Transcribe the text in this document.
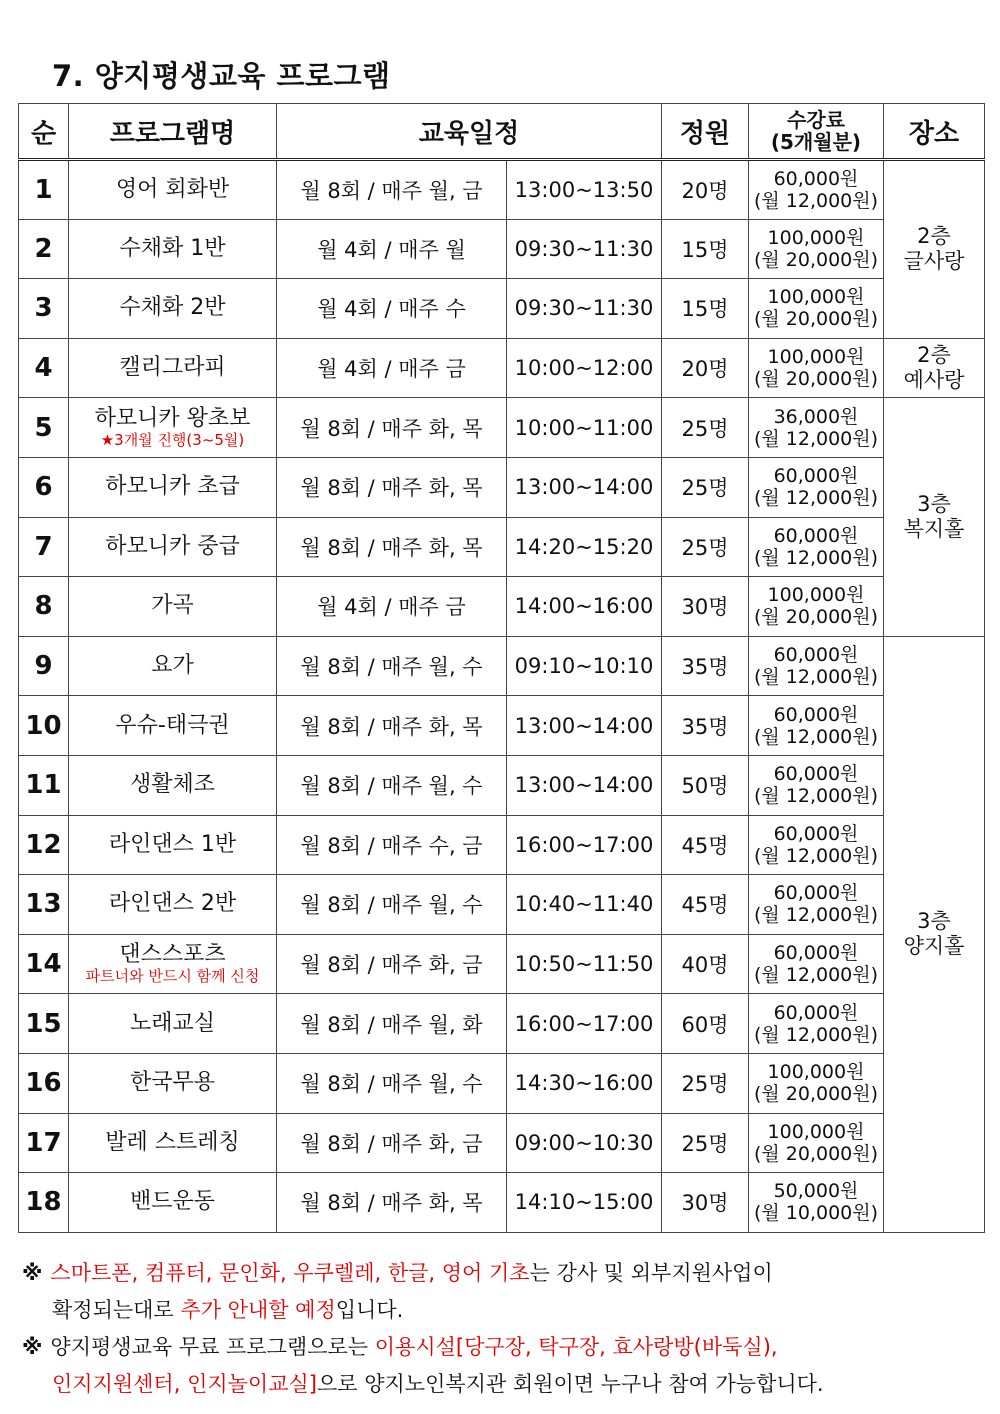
7. 양지평생교육 프로그램
순	프로그램명	교육일정		정원	수강료
(5개월분)	장소
1	영어 회화반	월 8회 / 매주 월, 금	13:00~13:50	20명	60,000원
(월 12,000원)	2층
글사랑
2	수채화 1반	월 4회 / 매주 월	09:30~11:30	15명	100,000원
(월 20,000원)	
3	수채화 2반	월 4회 / 매주 수	09:30~11:30	15명	100,000원
(월 20,000원)	
4	캘리그라피	월 4회 / 매주 금	10:00~12:00	20명	100,000원
(월 20,000원)	2층
예사랑
5	하모니카 왕초보
★3개월 진행(3~5월)	월 8회 / 매주 화, 목	10:00~11:00	25명	36,000원
(월 12,000원)	3층
복지홀
6	하모니카 초급	월 8회 / 매주 화, 목	13:00~14:00	25명	60,000원
(월 12,000원)	
7	하모니카 중급	월 8회 / 매주 화, 목	14:20~15:20	25명	60,000원
(월 12,000원)	
8	가곡	월 4회 / 매주 금	14:00~16:00	30명	100,000원
(월 20,000원)	
9	요가	월 8회 / 매주 월, 수	09:10~10:10	35명	60,000원
(월 12,000원)	3층
양지홀
10	우슈-태극권	월 8회 / 매주 화, 목	13:00~14:00	35명	60,000원
(월 12,000원)	
11	생활체조	월 8회 / 매주 월, 수	13:00~14:00	50명	60,000원
(월 12,000원)	
12	라인댄스 1반	월 8회 / 매주 수, 금	16:00~17:00	45명	60,000원
(월 12,000원)	
13	라인댄스 2반	월 8회 / 매주 월, 수	10:40~11:40	45명	60,000원
(월 12,000원)	
14	댄스스포츠
파트너와 반드시 함께 신청	월 8회 / 매주 화, 금	10:50~11:50	40명	60,000원
(월 12,000원)	
15	노래교실	월 8회 / 매주 월, 화	16:00~17:00	60명	60,000원
(월 12,000원)	
16	한국무용	월 8회 / 매주 월, 수	14:30~16:00	25명	100,000원
(월 20,000원)	
17	발레 스트레칭	월 8회 / 매주 화, 금	09:00~10:30	25명	100,000원
(월 20,000원)	
18	밴드운동	월 8회 / 매주 화, 목	14:10~15:00	30명	50,000원
(월 10,000원)	
※ 스마트폰, 컴퓨터, 문인화, 우쿠렐레, 한글, 영어 기초는 강사 및 외부지원사업이
확정되는대로 추가 안내할 예정입니다.
※ 양지평생교육 무료 프로그램으로는 이용시설[당구장, 탁구장, 효사랑방(바둑실),
인지지원센터, 인지놀이교실]으로 양지노인복지관 회원이면 누구나 참여 가능합니다.
